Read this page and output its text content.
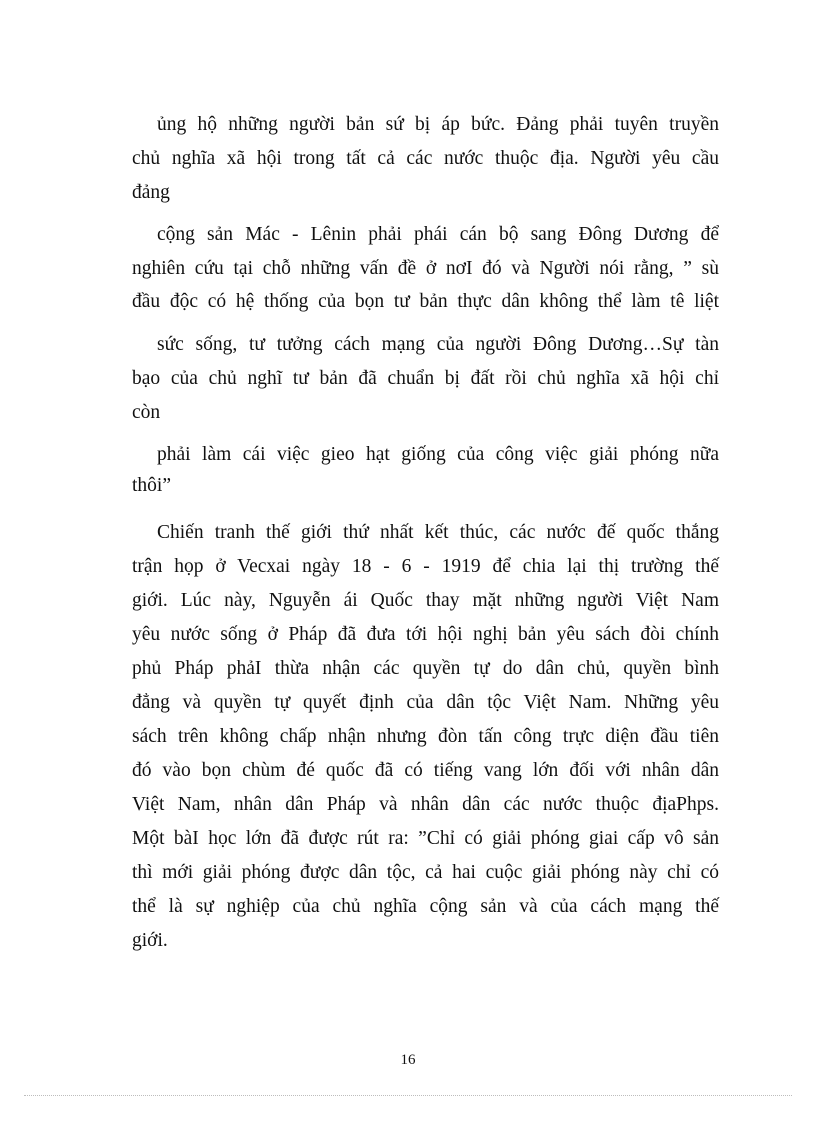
ủng hộ những người bản sứ bị áp bức. Đảng phải tuyên truyền
chủ nghĩa xã hội trong tất cả các nước thuộc địa. Người yêu cầu
đảng
cộng sản Mác - Lênin phải phái cán bộ sang Đông Dương để
nghiên cứu tại chỗ những vấn đề ở nơI đó và Người nói rằng, ” sù
đầu độc có hệ thống của bọn tư bản thực dân không thể làm tê liệt
sức sống, tư tưởng cách mạng của người Đông Dương…Sự tàn
bạo của chủ nghĩ tư bản đã chuẩn bị đất rồi chủ nghĩa xã hội chỉ
còn
phải làm cái việc gieo hạt giống của công việc giải phóng nữa
thôi”
Chiến tranh thế giới thứ nhất kết thúc, các nước đế quốc thắng
trận họp ở Vecxai ngày 18 - 6 - 1919 để chia lại thị trường thế
giới. Lúc này, Nguyễn ái Quốc thay mặt những người Việt Nam
yêu nước sống ở Pháp đã đưa tới hội nghị bản yêu sách đòi chính
phủ Pháp phảI thừa nhận các quyền tự do dân chủ, quyền bình
đẳng và quyền tự quyết định của dân tộc Việt Nam. Những yêu
sách trên không chấp nhận nhưng đòn tấn công trực diện đầu tiên
đó vào bọn chùm đé quốc đã có tiếng vang lớn đối với nhân dân
Việt Nam, nhân dân Pháp và nhân dân các nước thuộc địaPhps.
Một bàI học lớn đã được rút ra: ”Chỉ có giải phóng giai cấp vô sản
thì mới giải phóng được dân tộc, cả hai cuộc giải phóng này chỉ có
thể là sự nghiệp của chủ nghĩa cộng sản và của cách mạng thế
giới.
16
